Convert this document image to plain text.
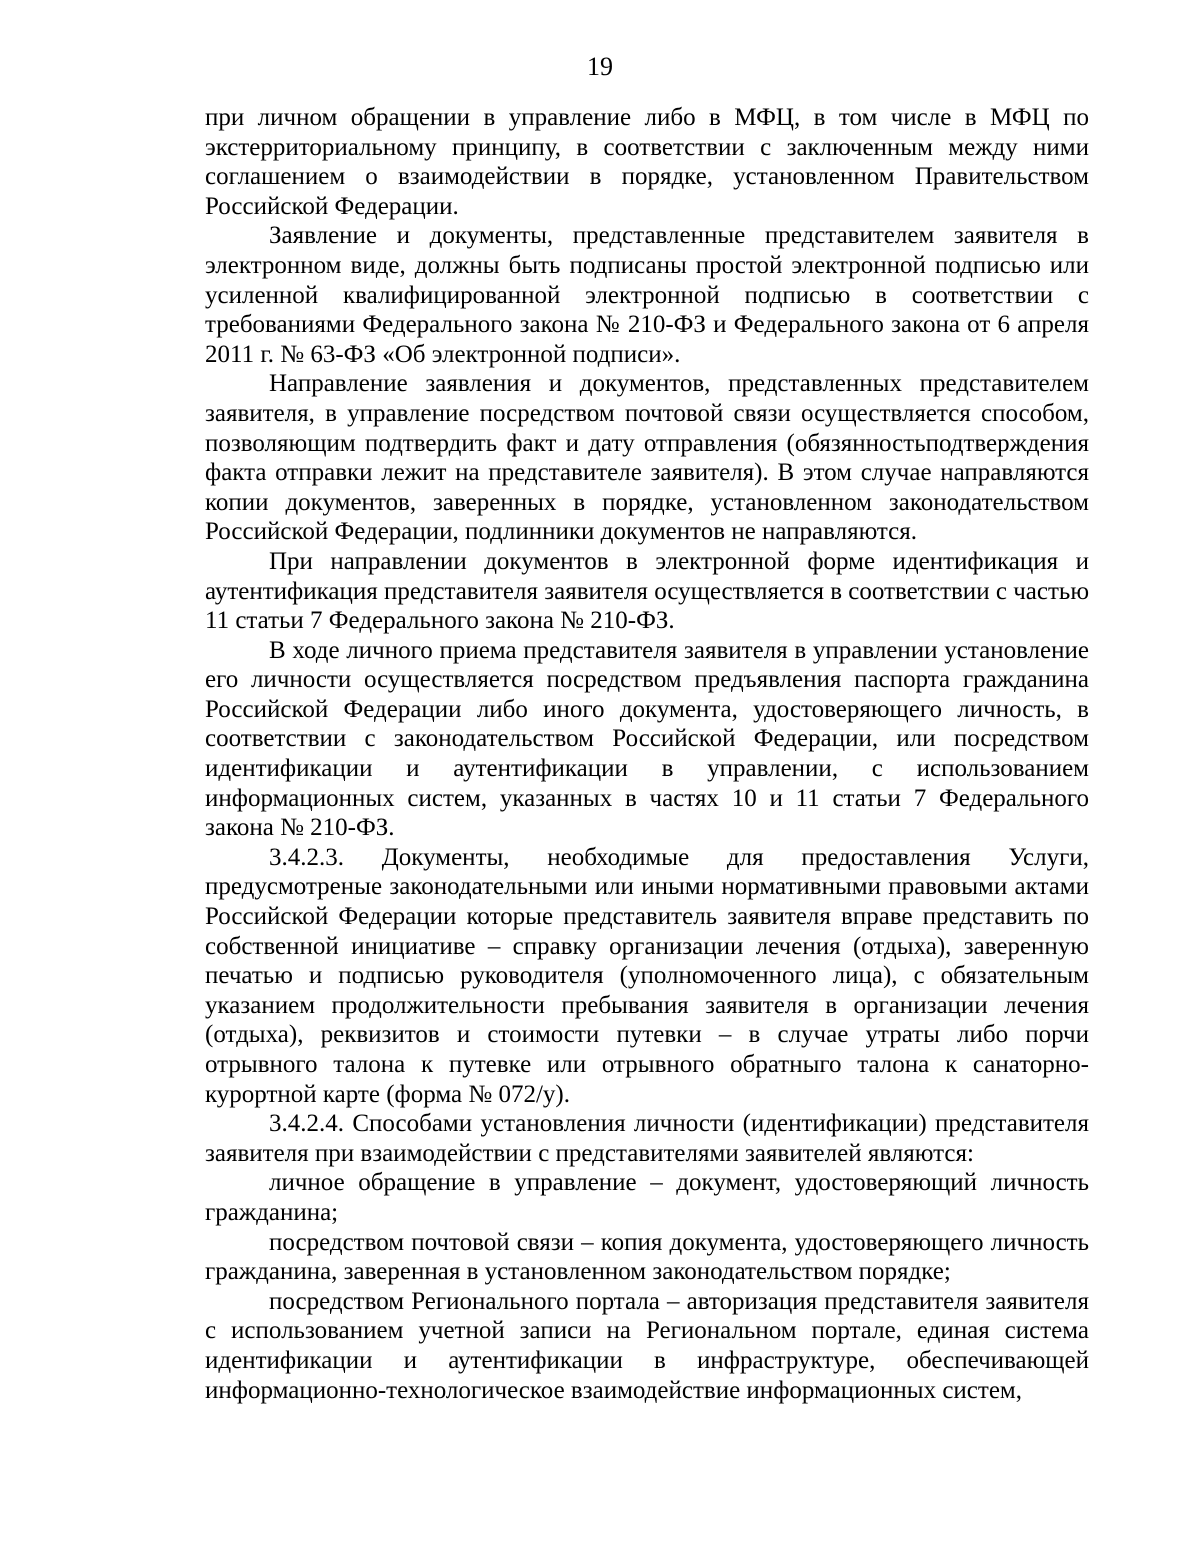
19

при личном обращении в управление либо в МФЦ, в том числе в МФЦ по экстерриториальному принципу, в соответствии с заключенным между ними соглашением о взаимодействии в порядке, установленном Правительством Российской Федерации.

Заявление и документы, представленные представителем заявителя в электронном виде, должны быть подписаны простой электронной подписью или усиленной квалифицированной электронной подписью в соответствии с требованиями Федерального закона № 210-ФЗ и Федерального закона от 6 апреля 2011 г. № 63-ФЗ «Об электронной подписи».

Направление заявления и документов, представленных представителем заявителя, в управление посредством почтовой связи осуществляется способом, позволяющим подтвердить факт и дату отправления (обязянностьподтверждения факта отправки лежит на представителе заявителя). В этом случае направляются копии документов, заверенных в порядке, установленном законодательством Российской Федерации, подлинники документов не направляются.

При направлении документов в электронной форме идентификация и аутентификация представителя заявителя осуществляется в соответствии с частью 11 статьи 7 Федерального закона № 210-ФЗ.

В ходе личного приема представителя заявителя в управлении установление его личности осуществляется посредством предъявления паспорта гражданина Российской Федерации либо иного документа, удостоверяющего личность, в соответствии с законодательством Российской Федерации, или посредством идентификации и аутентификации в управлении, с использованием информационных систем, указанных в частях 10 и 11 статьи 7 Федерального закона № 210-ФЗ.

3.4.2.3. Документы, необходимые для предоставления Услуги, предусмотреные законодательными или иными нормативными правовыми актами Российской Федерации которые представитель заявителя вправе представить по собственной инициативе – справку организации лечения (отдыха), заверенную печатью и подписью руководителя (уполномоченного лица), с обязательным указанием продолжительности пребывания заявителя в организации лечения (отдыха), реквизитов и стоимости путевки – в случае утраты либо порчи отрывного талона к путевке или отрывного обратныго талона к санаторно-курортной карте (форма № 072/у).

3.4.2.4. Способами установления личности (идентификации) представителя заявителя при взаимодействии с представителями заявителей являются:

личное обращение в управление – документ, удостоверяющий личность гражданина;

посредством почтовой связи – копия документа, удостоверяющего личность гражданина, заверенная в установленном законодательством порядке;

посредством Регионального портала – авторизация представителя заявителя с использованием учетной записи на Региональном портале, единая система идентификации и аутентификации в инфраструктуре, обеспечивающей информационно-технологическое взаимодействие информационных систем,
